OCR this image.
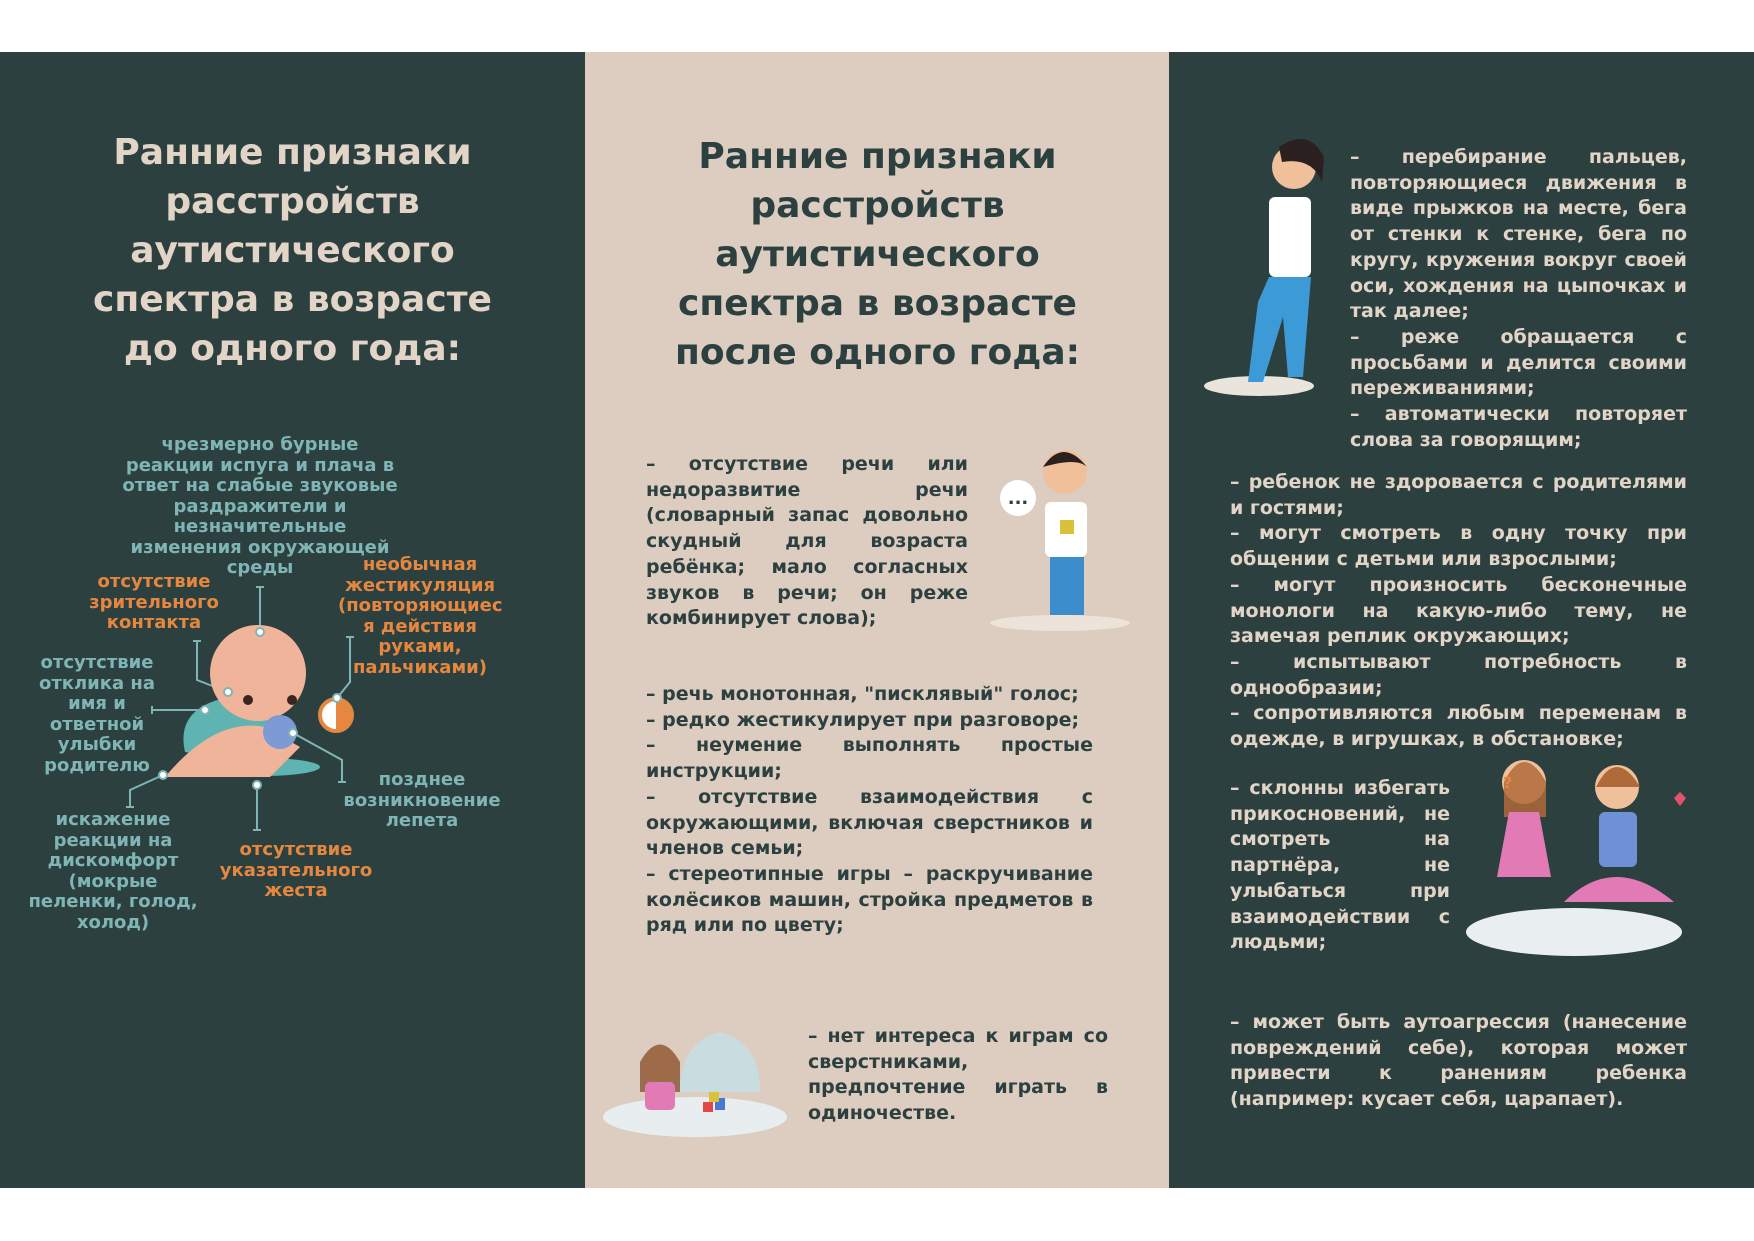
Ранние признаки
расстройств
аутистического
спектра в возрасте
до одного года:
чрезмерно бурные реакции испуга и плача в ответ на слабые звуковые раздражители и незначительные изменения окружающей среды
отсутствие зрительного контакта
необычная жестикуляция (повторяющиес я действия руками, пальчиками)
отсутствие отклика на имя и ответной улыбки родителю
позднее возникновение лепета
искажение реакции на дискомфорт (мокрые пеленки, голод, холод)
отсутствие указательного жеста
Ранние признаки
расстройств
аутистического
спектра в возрасте
после одного года:
...
– отсутствие речи или недоразвитие речи (словарный запас довольно скудный для возраста ребёнка; мало согласных звуков в речи; он реже комбинирует слова);

– речь монотонная, "писклявый" голос;

– редко жестикулирует при разговоре;

– неумение выполнять простые инструкции;

– отсутствие взаимодействия с окружающими, включая сверстников и членов семьи;

– стереотипные игры – раскручивание колёсиков машин, стройка предметов в ряд или по цвету;

– нет интереса к играм со сверстниками, предпочтение играть в одиночестве.
?

– перебирание пальцев, повторяющиеся движения в виде прыжков на месте, бега от стенки к стенке, бега по кругу, кружения вокруг своей оси, хождения на цыпочках и так далее;

– реже обращается с просьбами и делится своими переживаниями;

– автоматически повторяет слова за говорящим;

– ребенок не здоровается с родителями и гостями;

– могут смотреть в одну точку при общении с детьми или взрослыми;

– могут произносить бесконечные монологи на какую-либо тему, не замечая реплик окружающих;

– испытывают потребность в однообразии;

– сопротивляются любым переменам в одежде, в игрушках, в обстановке;

– склонны избегать прикосновений, не смотреть на партнёра, не улыбаться при взаимодействии с людьми;
– может быть аутоагрессия (нанесение повреждений себе), которая может привести к ранениям ребенка (например: кусает себя, царапает).
